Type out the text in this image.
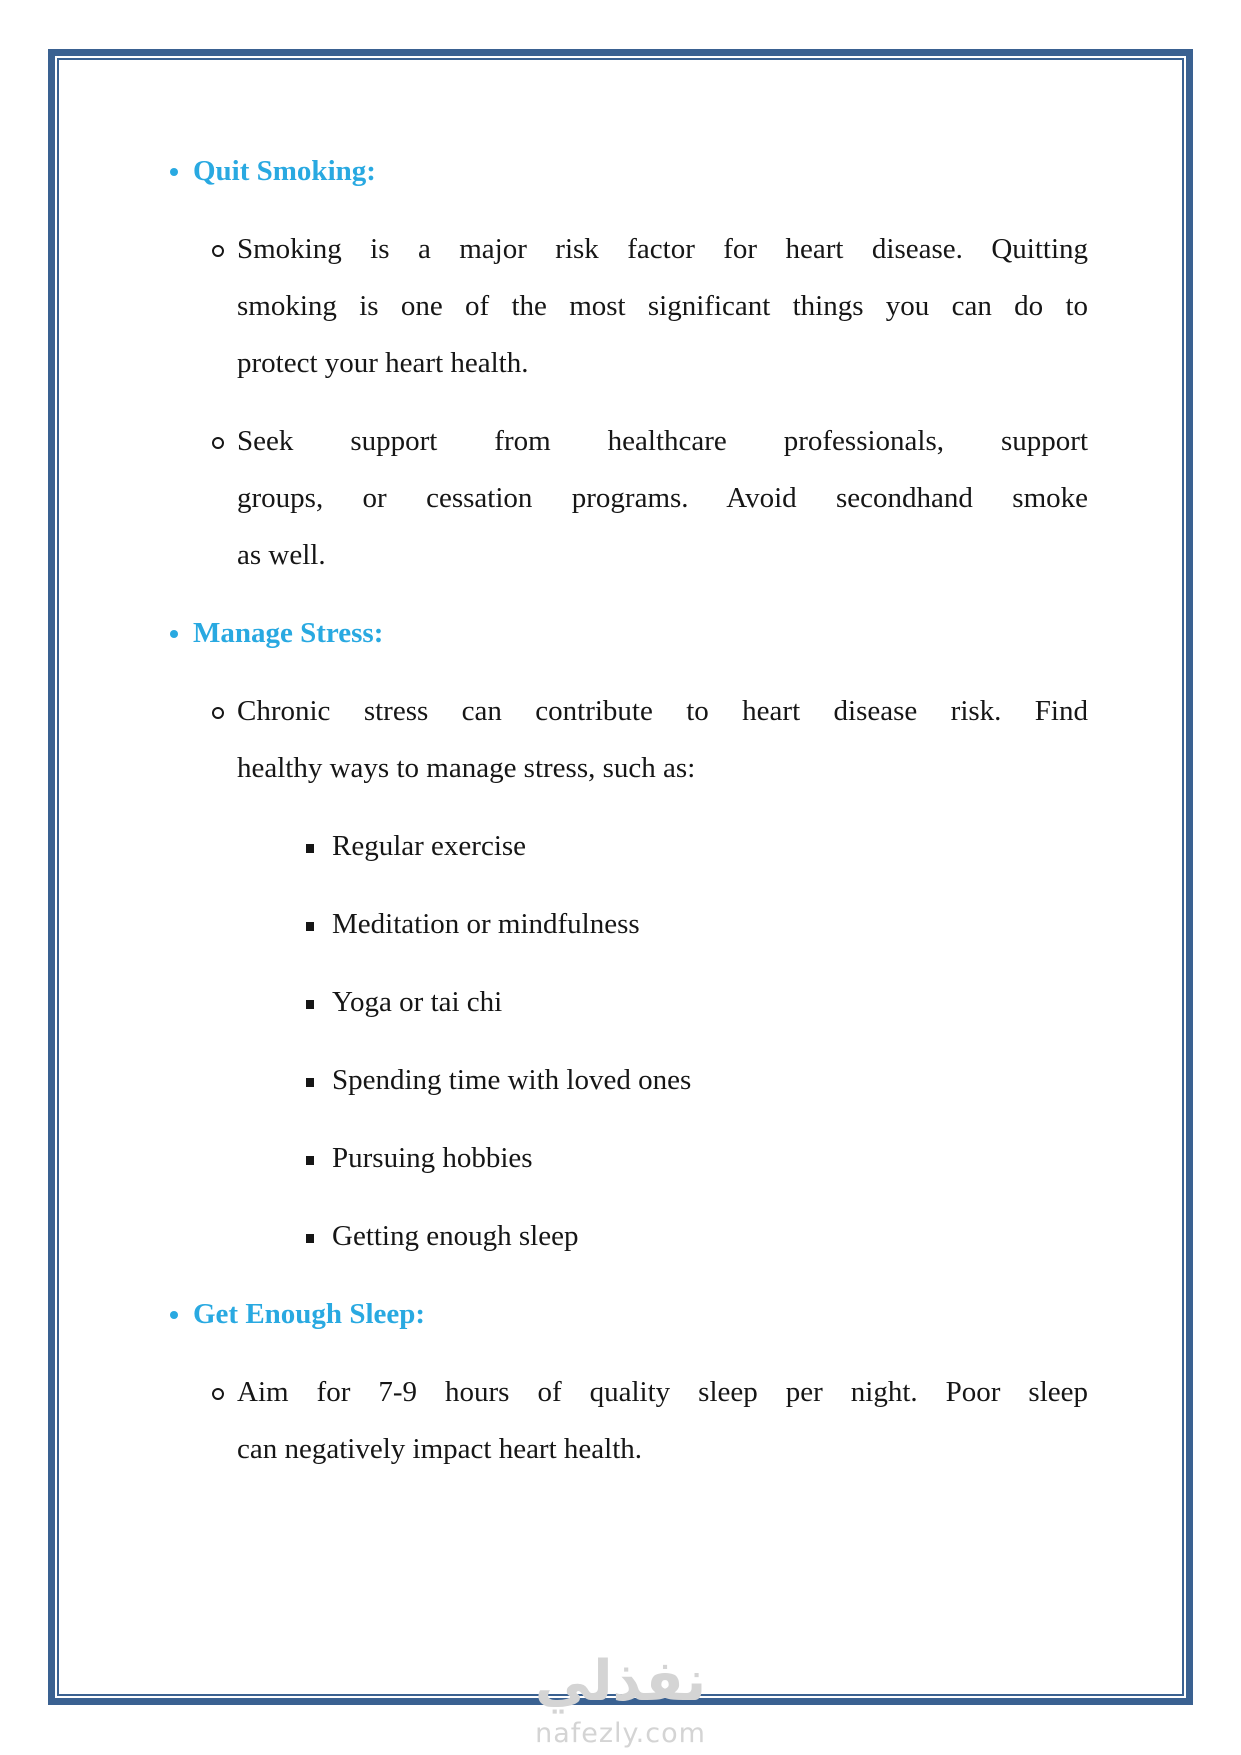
Quit Smoking:
Smoking is a major risk factor for heart disease. Quitting
smoking is one of the most significant things you can do to
protect your heart health.
Seek support from healthcare professionals, support
groups, or cessation programs. Avoid secondhand smoke
as well.
Manage Stress:
Chronic stress can contribute to heart disease risk. Find
healthy ways to manage stress, such as:
Regular exercise
Meditation or mindfulness
Yoga or tai chi
Spending time with loved ones
Pursuing hobbies
Getting enough sleep
Get Enough Sleep:
Aim for 7-9 hours of quality sleep per night. Poor sleep
can negatively impact heart health.
نفذلي
nafezly.com
